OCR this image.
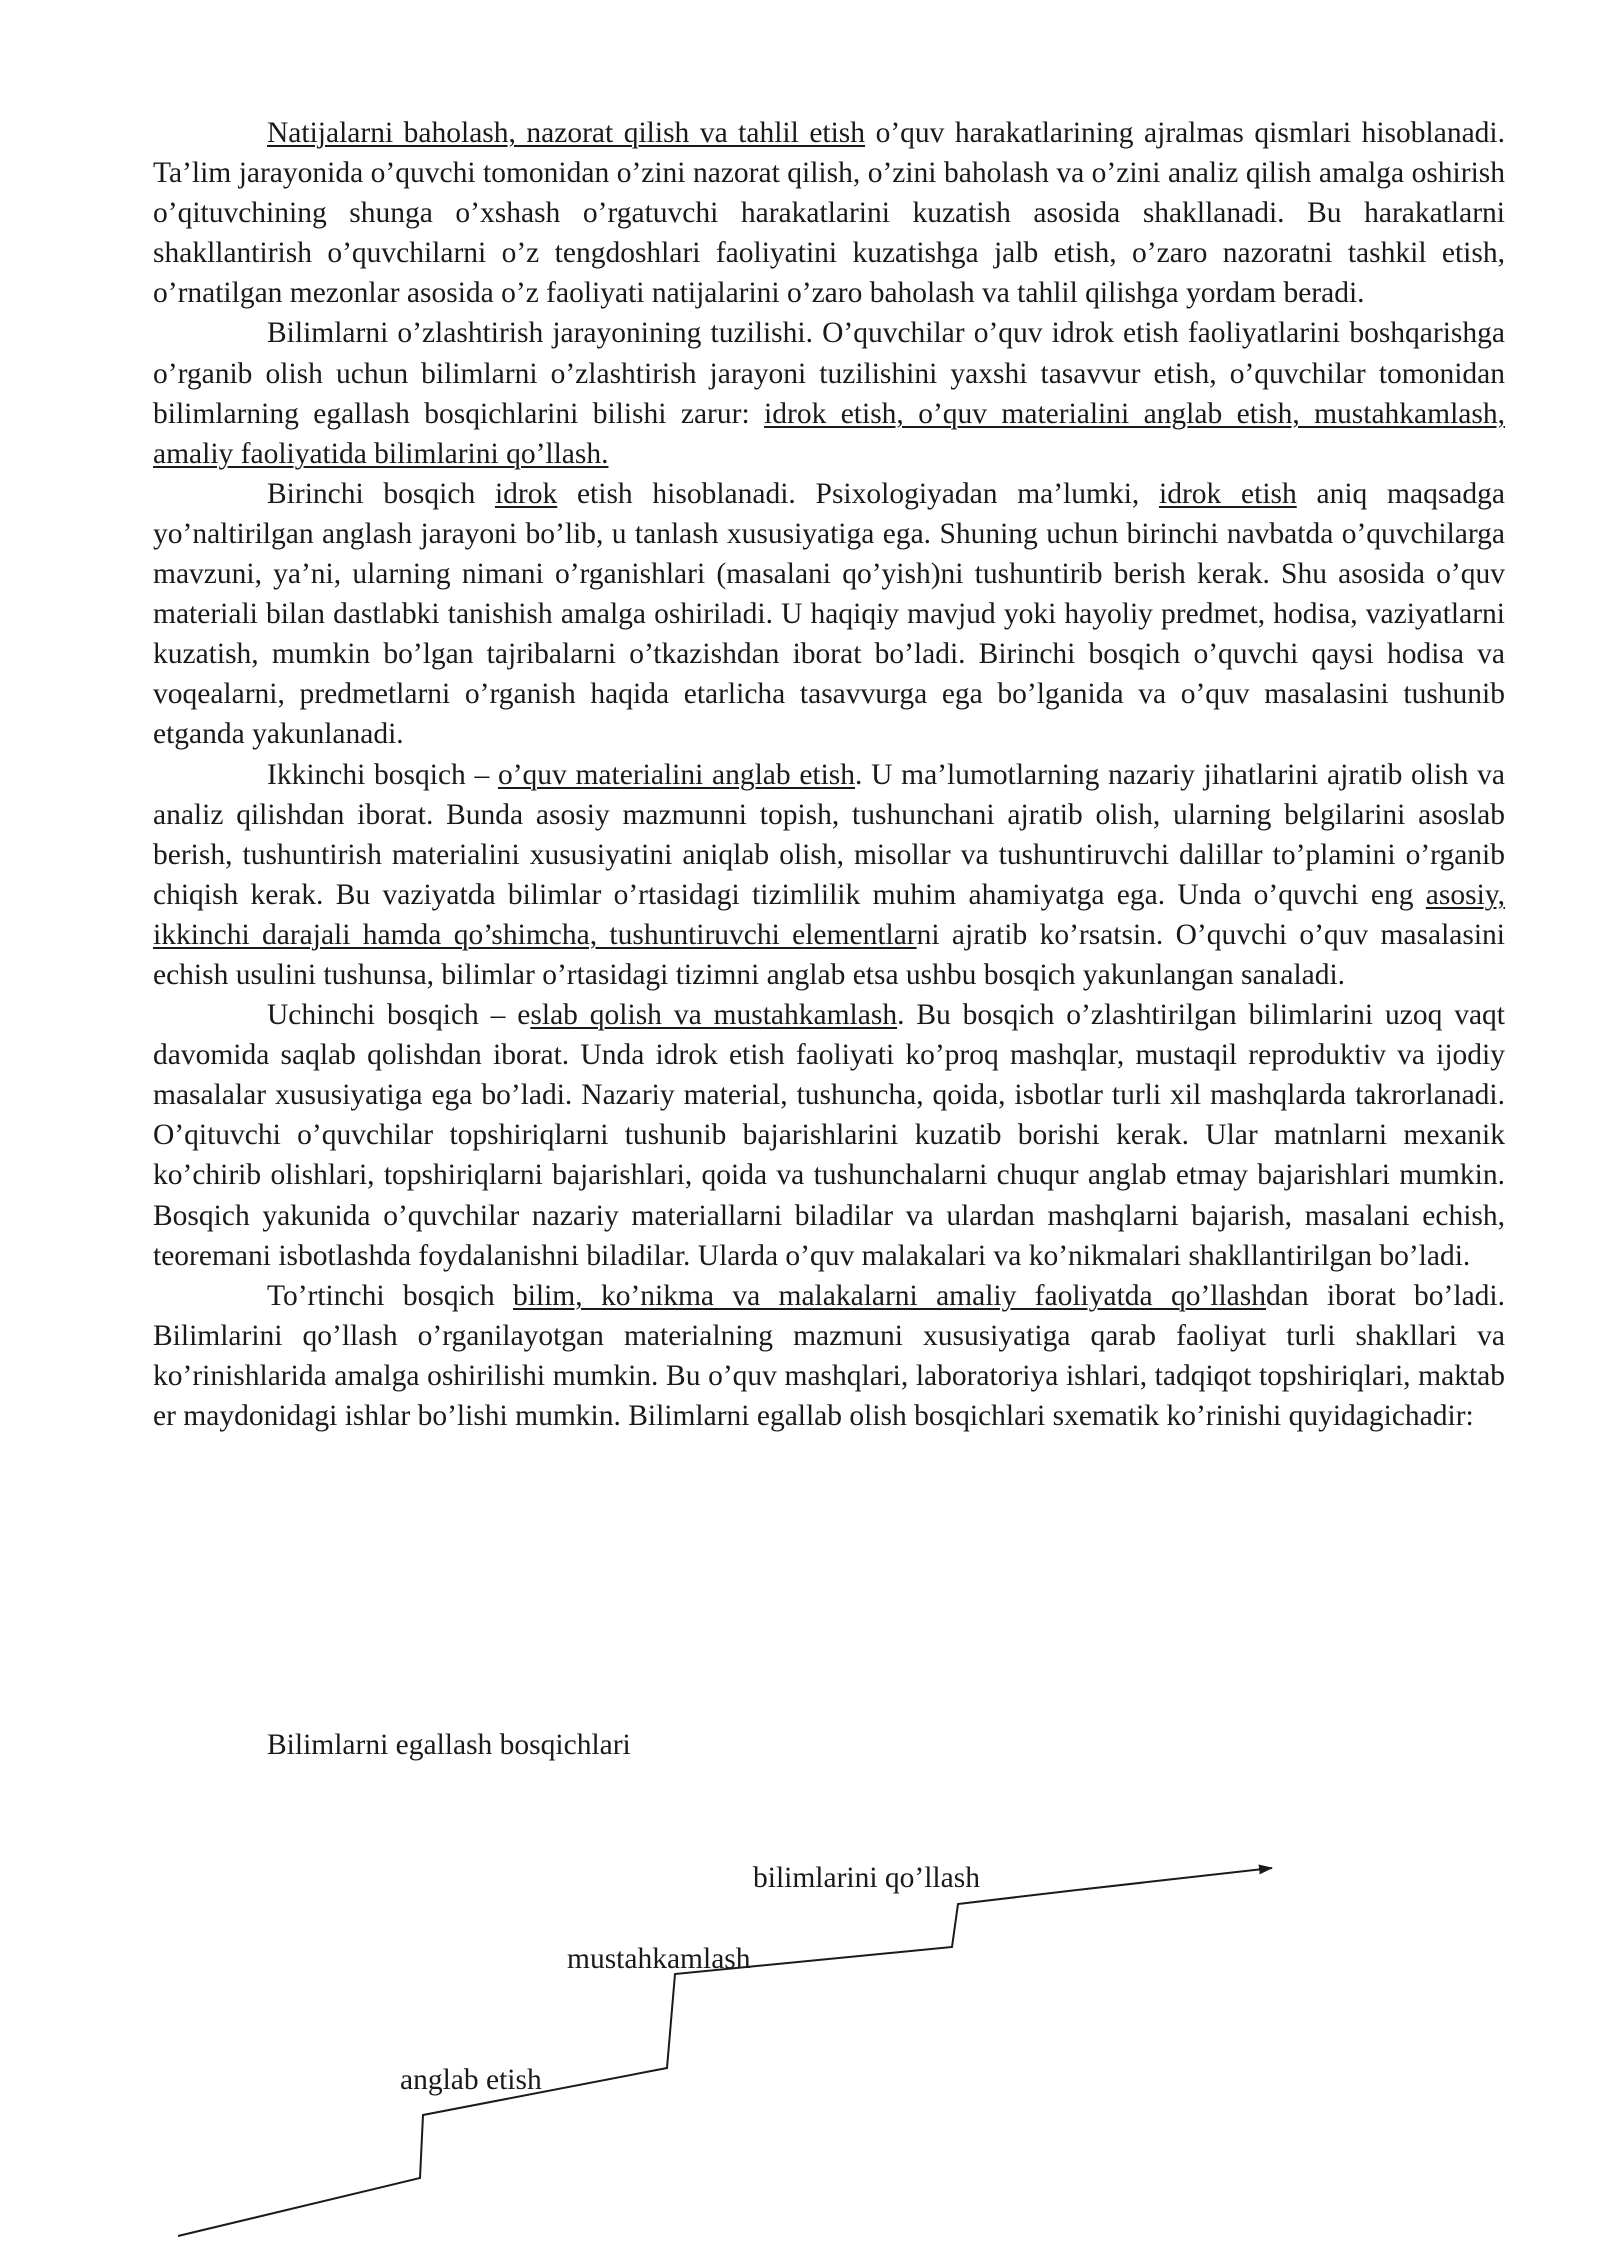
Natijalarni baholash, nazorat qilish va tahlil etish o’quv harakatlarining ajralmas qismlari hisoblanadi. Ta’lim jarayonida o’quvchi tomonidan o’zini nazorat qilish, o’zini baholash va o’zini analiz qilish amalga oshirish o’qituvchining shunga o’xshash o’rgatuvchi harakatlarini kuzatish asosida shakllanadi. Bu harakatlarni shakllantirish o’quvchilarni o’z tengdoshlari faoliyatini kuzatishga jalb etish, o’zaro nazoratni tashkil etish, o’rnatilgan mezonlar asosida o’z faoliyati natijalarini o’zaro baholash va tahlil qilishga yordam beradi.

Bilimlarni o’zlashtirish jarayonining tuzilishi. O’quvchilar o’quv idrok etish faoliyatlarini boshqarishga o’rganib olish uchun bilimlarni o’zlashtirish jarayoni tuzilishini yaxshi tasavvur etish, o’quvchilar tomonidan bilimlarning egallash bosqichlarini bilishi zarur: idrok etish, o’quv materialini anglab etish, mustahkamlash, amaliy faoliyatida bilimlarini qo’llash.

Birinchi bosqich idrok etish hisoblanadi. Psixologiyadan ma’lumki, idrok etish aniq maqsadga yo’naltirilgan anglash jarayoni bo’lib, u tanlash xususiyatiga ega. Shuning uchun birinchi navbatda o’quvchilarga mavzuni, ya’ni, ularning nimani o’rganishlari (masalani qo’yish)ni tushuntirib berish kerak. Shu asosida o’quv materiali bilan dastlabki tanishish amalga oshiriladi. U haqiqiy mavjud yoki hayoliy predmet, hodisa, vaziyatlarni kuzatish, mumkin bo’lgan tajribalarni o’tkazishdan iborat bo’ladi. Birinchi bosqich o’quvchi qaysi hodisa va voqealarni, predmetlarni o’rganish haqida etarlicha tasavvurga ega bo’lganida va o’quv masalasini tushunib etganda yakunlanadi.

Ikkinchi bosqich – o’quv materialini anglab etish. U ma’lumotlarning nazariy jihatlarini ajratib olish va analiz qilishdan iborat. Bunda asosiy mazmunni topish, tushunchani ajratib olish, ularning belgilarini asoslab berish, tushuntirish materialini xususiyatini aniqlab olish, misollar va tushuntiruvchi dalillar to’plamini o’rganib chiqish kerak. Bu vaziyatda bilimlar o’rtasidagi tizimlilik muhim ahamiyatga ega. Unda o’quvchi eng asosiy, ikkinchi darajali hamda qo’shimcha, tushuntiruvchi elementlarni ajratib ko’rsatsin. O’quvchi o’quv masalasini echish usulini tushunsa, bilimlar o’rtasidagi tizimni anglab etsa ushbu bosqich yakunlangan sanaladi.

Uchinchi bosqich – eslab qolish va mustahkamlash. Bu bosqich o’zlashtirilgan bilimlarini uzoq vaqt davomida saqlab qolishdan iborat. Unda idrok etish faoliyati ko’proq mashqlar, mustaqil reproduktiv va ijodiy masalalar xususiyatiga ega bo’ladi. Nazariy material, tushuncha, qoida, isbotlar turli xil mashqlarda takrorlanadi. O’qituvchi o’quvchilar topshiriqlarni tushunib bajarishlarini kuzatib borishi kerak. Ular matnlarni mexanik ko’chirib olishlari, topshiriqlarni bajarishlari, qoida va tushunchalarni chuqur anglab etmay bajarishlari mumkin. Bosqich yakunida o’quvchilar nazariy materiallarni biladilar va ulardan mashqlarni bajarish, masalani echish, teoremani isbotlashda foydalanishni biladilar. Ularda o’quv malakalari va ko’nikmalari shakllantirilgan bo’ladi.

To’rtinchi bosqich bilim, ko’nikma va malakalarni amaliy faoliyatda qo’llashdan iborat bo’ladi. Bilimlarini qo’llash o’rganilayotgan materialning mazmuni xususiyatiga qarab faoliyat turli shakllari va ko’rinishlarida amalga oshirilishi mumkin. Bu o’quv mashqlari, laboratoriya ishlari, tadqiqot topshiriqlari, maktab er maydonidagi ishlar bo’lishi mumkin. Bilimlarni egallab olish bosqichlari sxematik ko’rinishi quyidagichadir:

Bilimlarni egallash bosqichlari
anglab etish
mustahkamlash
bilimlarini qo’llash
